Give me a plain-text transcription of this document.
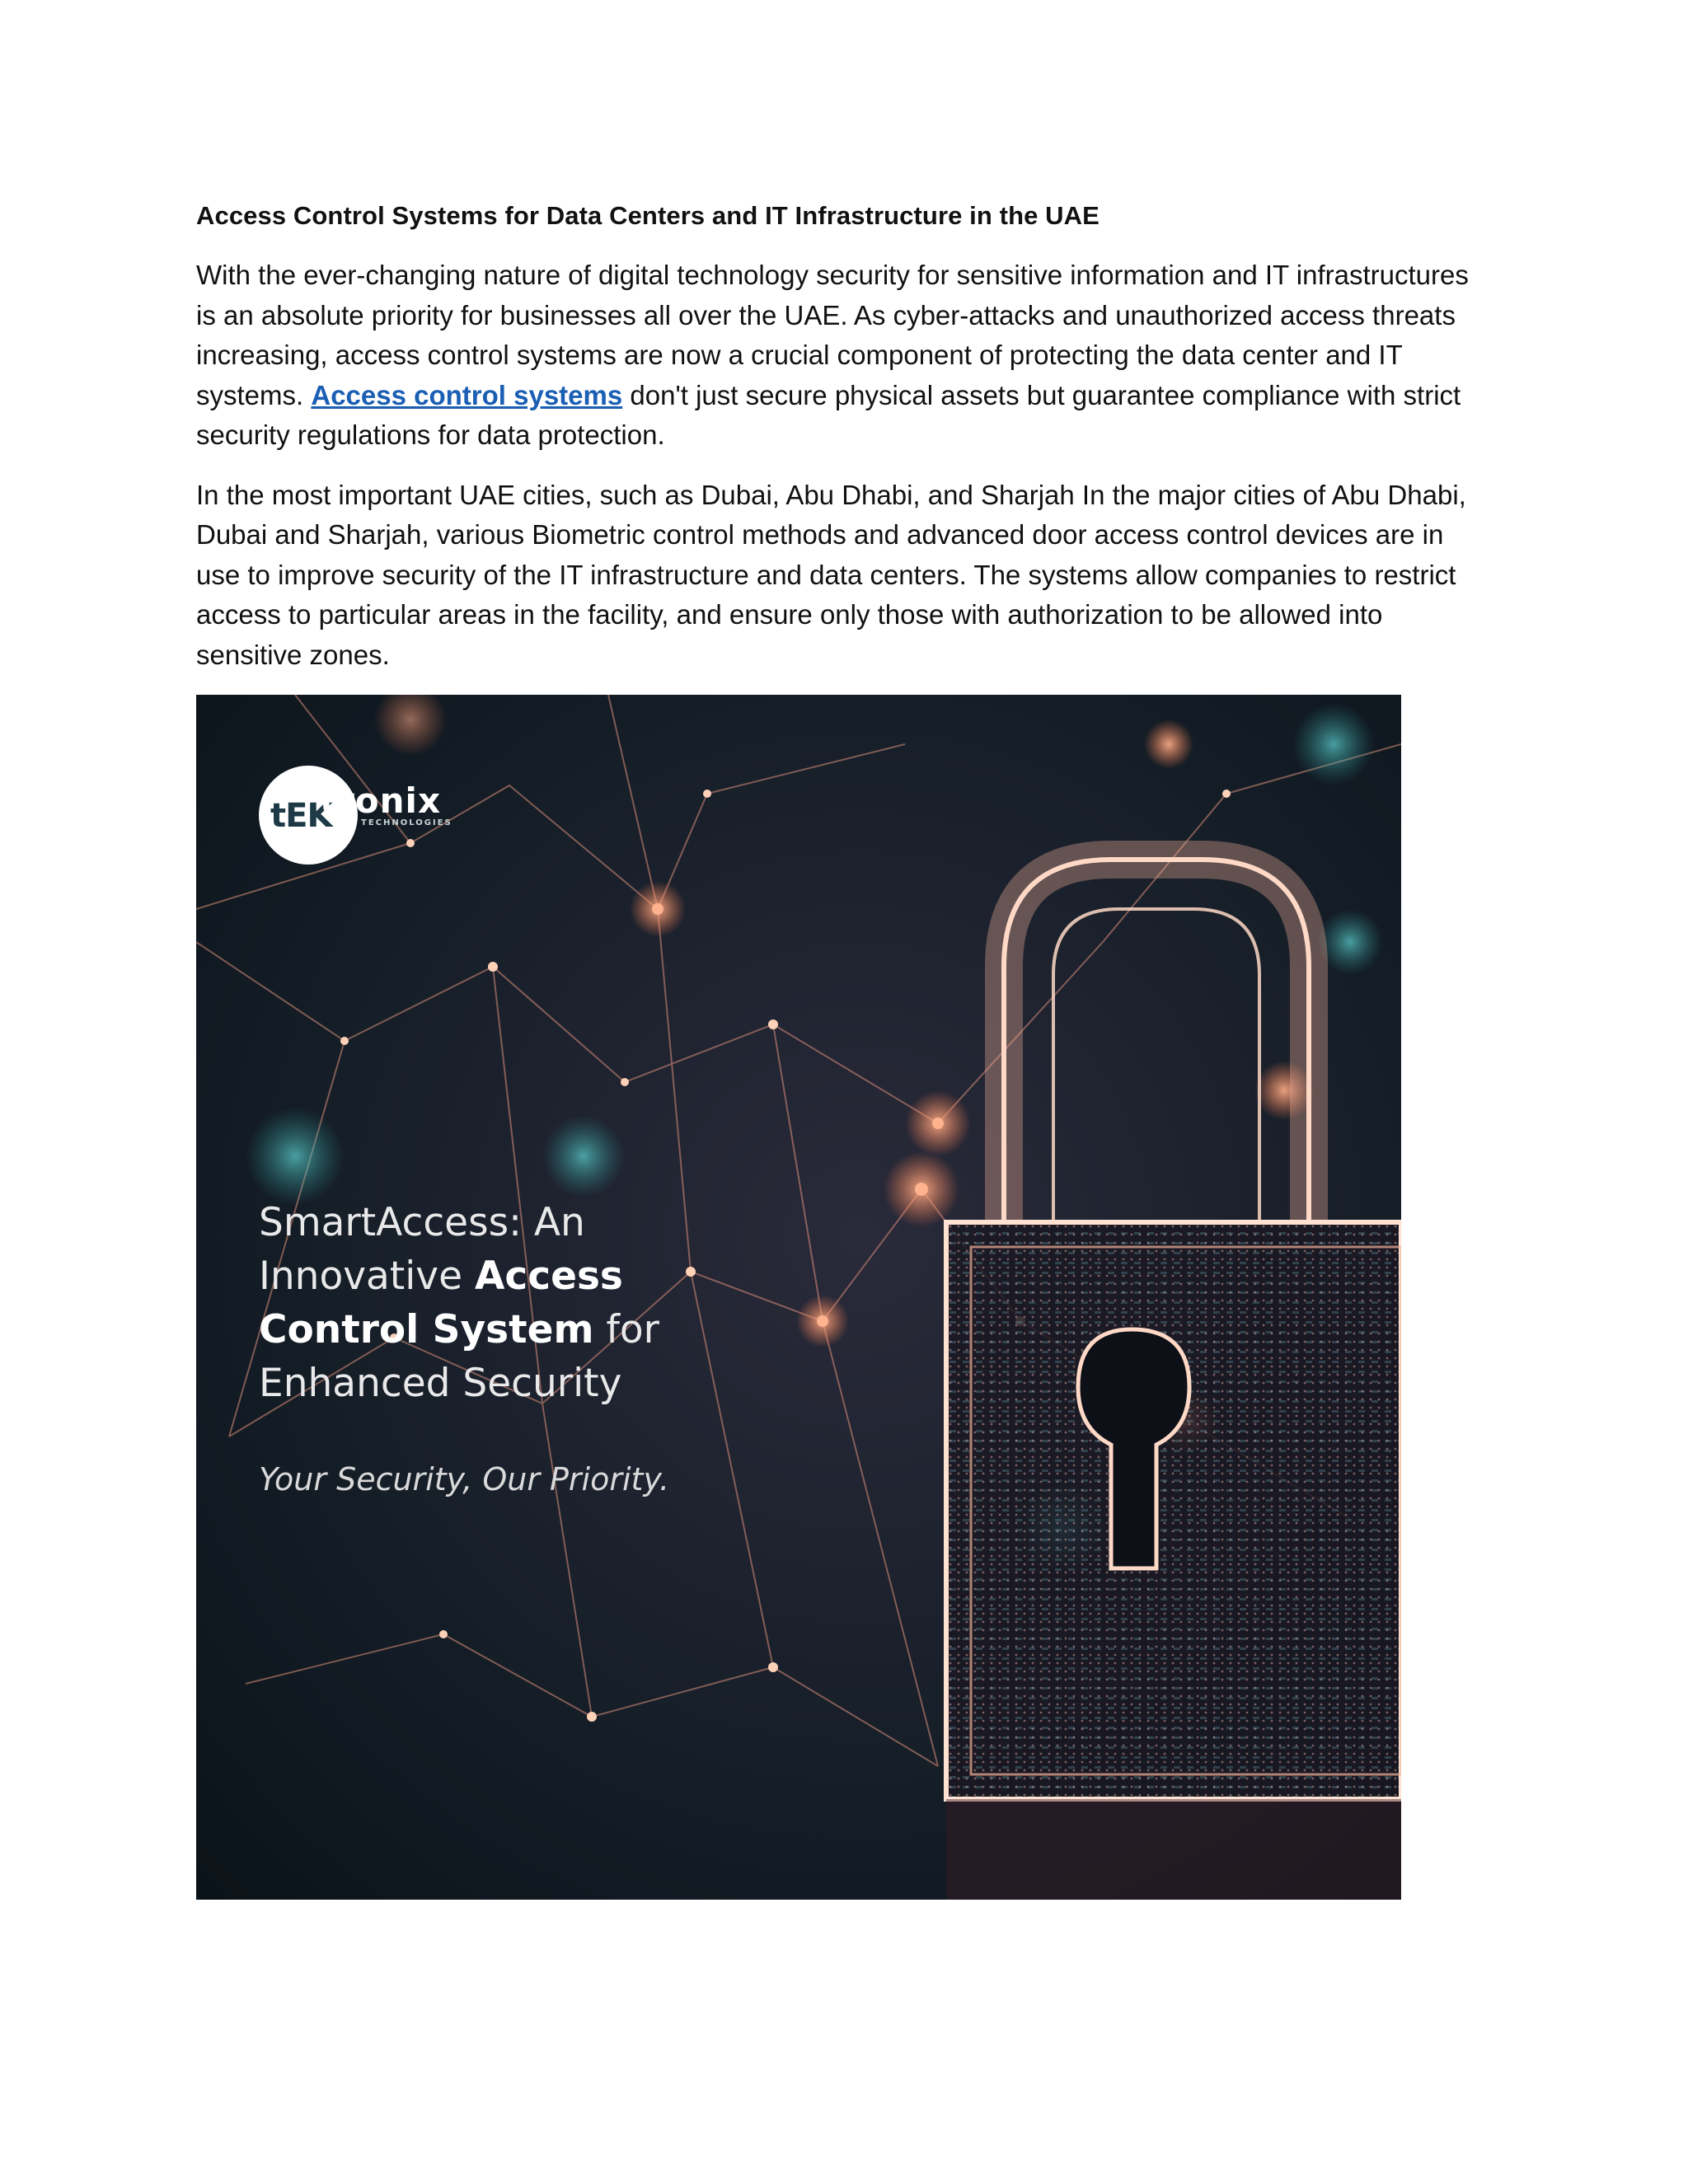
Access Control Systems for Data Centers and IT Infrastructure in the UAE

With the ever-changing nature of digital technology security for sensitive information and IT infrastructures is an absolute priority for businesses all over the UAE. As cyber-attacks and unauthorized access threats increasing, access control systems are now a crucial component of protecting the data center and IT systems. Access control systems don't just secure physical assets but guarantee compliance with strict security regulations for data protection.

In the most important UAE cities, such as Dubai, Abu Dhabi, and Sharjah In the major cities of Abu Dhabi, Dubai and Sharjah, various Biometric control methods and advanced door access control devices are in use to improve security of the IT infrastructure and data centers. The systems allow companies to restrict access to particular areas in the facility, and ensure only those with authorization to be allowed into sensitive zones.

tEK
tronix
TECHNOLOGIES
SmartAccess: An
Innovative Access
Control System for
Enhanced Security
Your Security, Our Priority.
